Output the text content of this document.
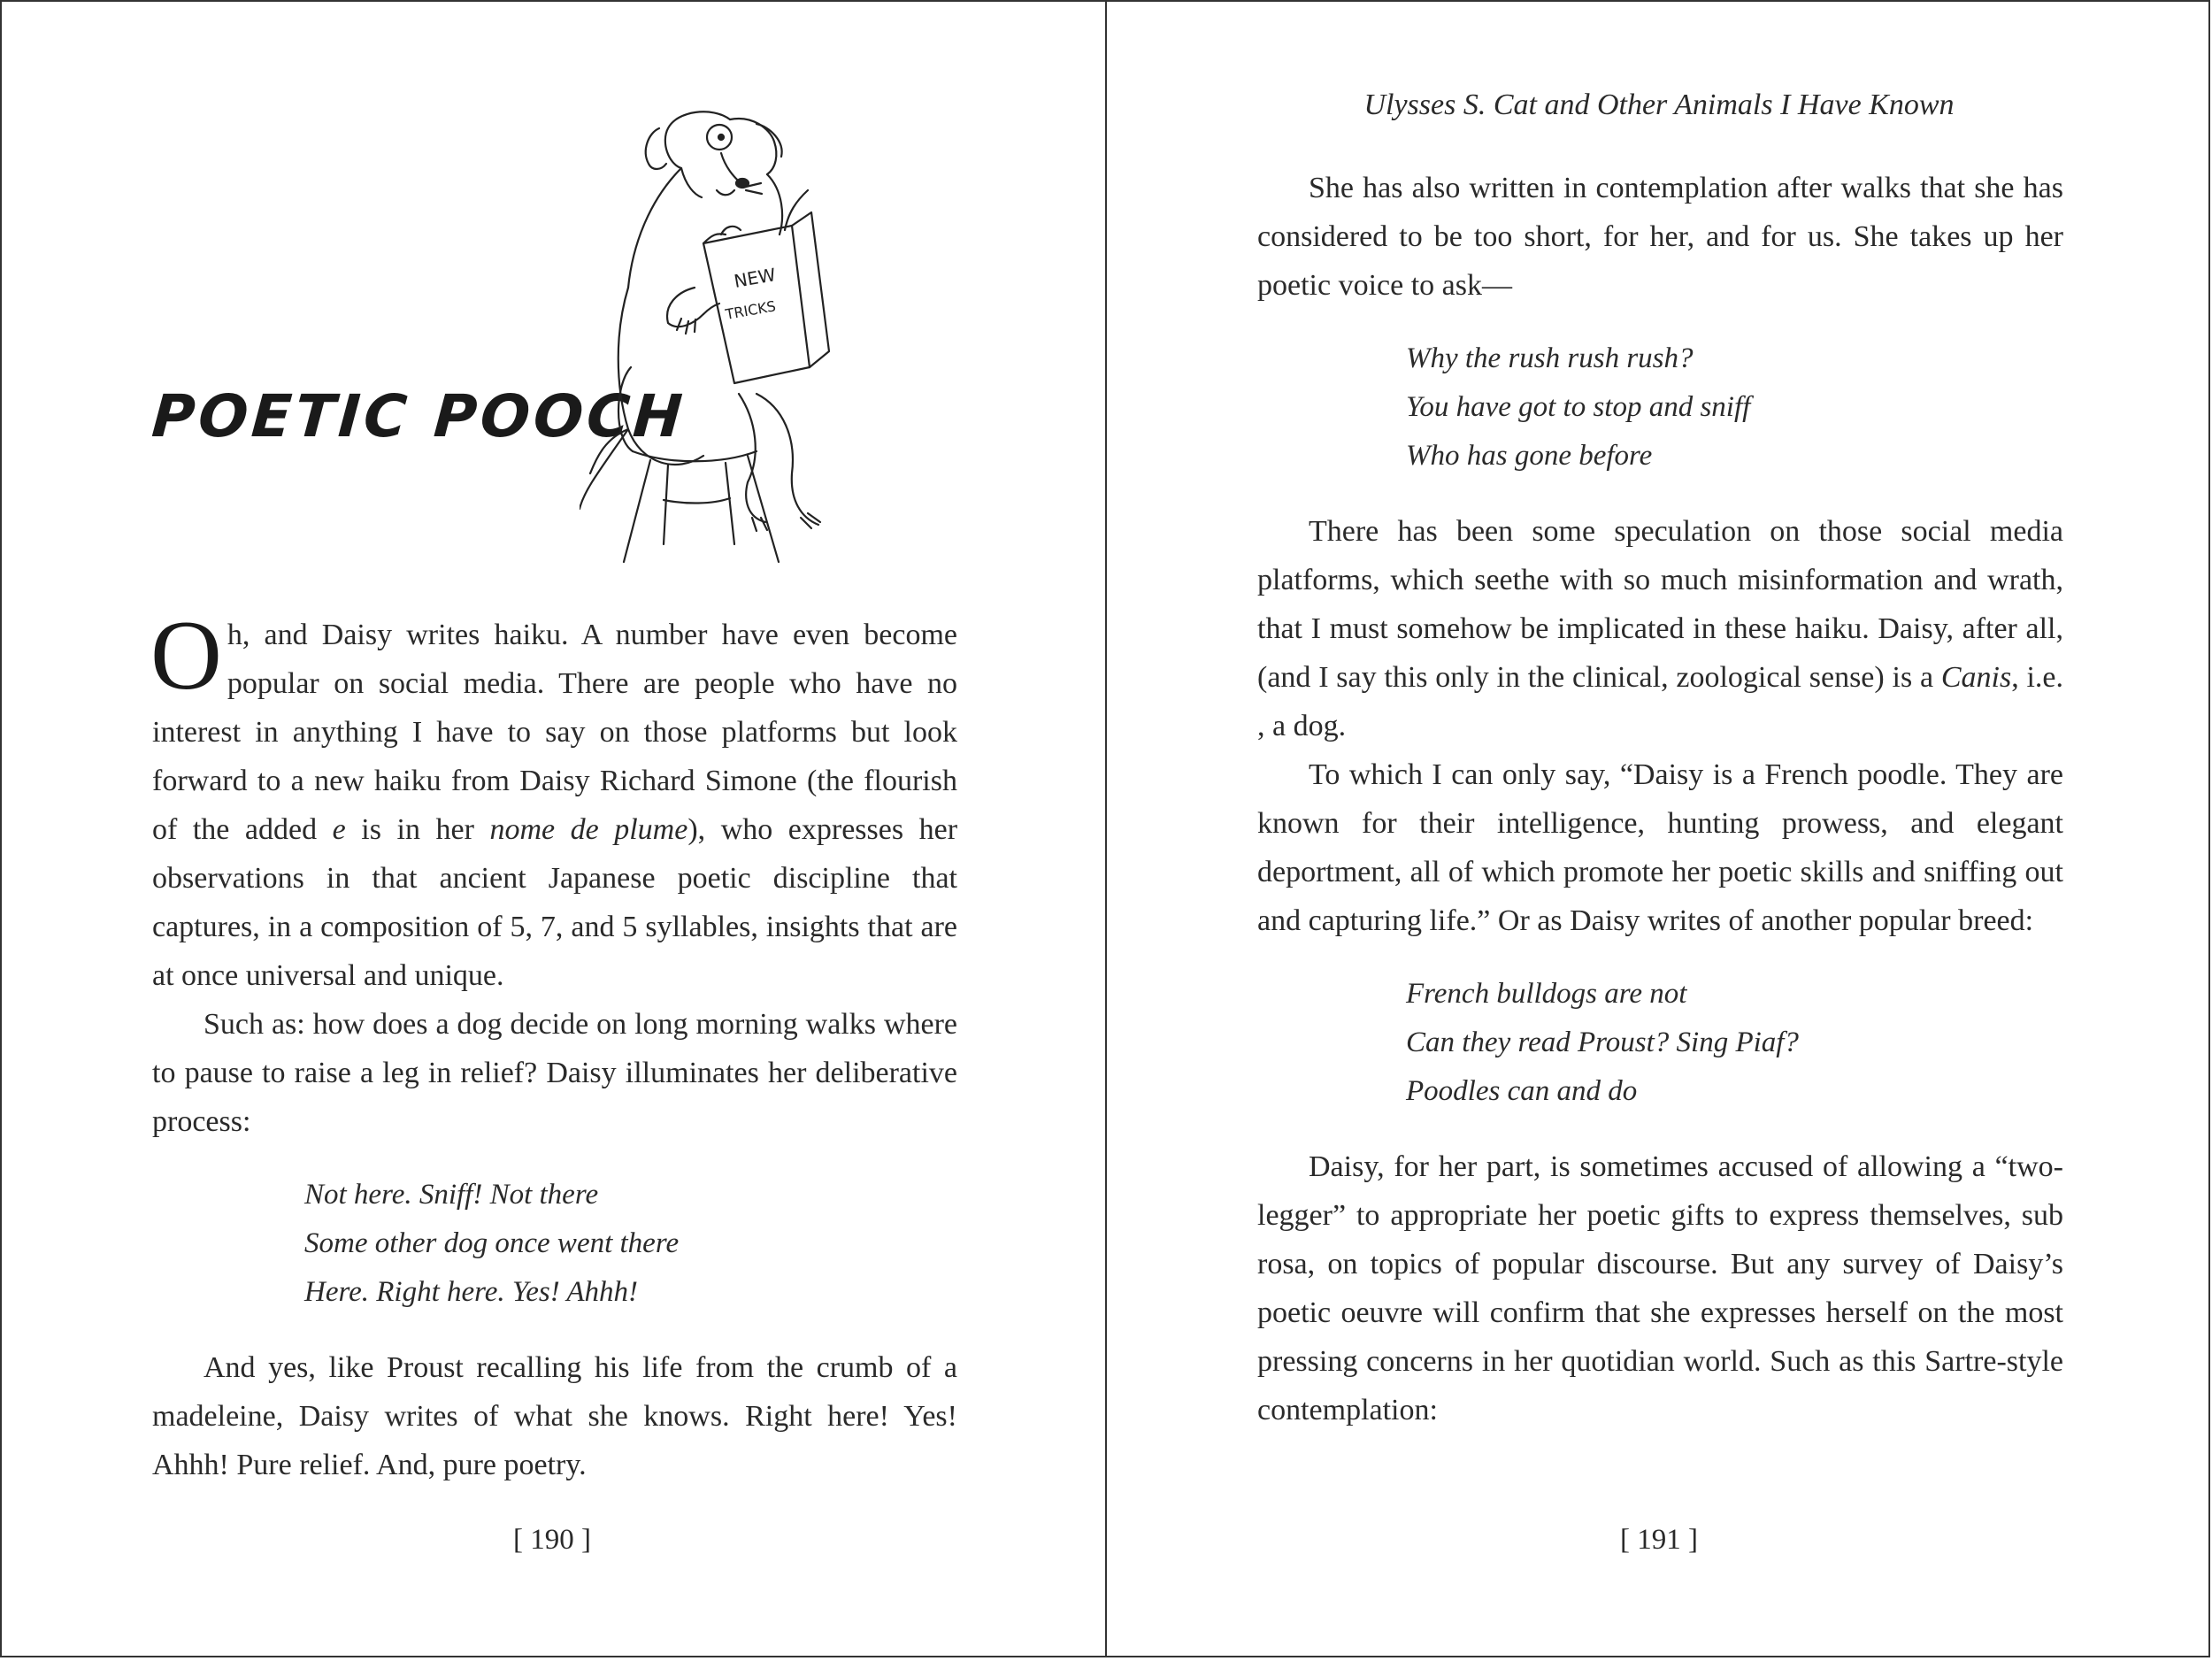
POETIC POOCH
NEW
TRICKS

Oh, and Daisy writes haiku. A number have even become popular on social media. There are people who have no interest in anything I have to say on those platforms but look forward to a new haiku from Daisy Richard Simone (the flourish of the added e is in her nome de plume), who expresses her observations in that ancient Japanese poetic discipline that captures, in a composition of 5, 7, and 5 syllables, insights that are at once universal and unique.

Such as: how does a dog decide on long morning walks where to pause to raise a leg in relief? Daisy illuminates her deliberative process:

Not here. Sniff! Not there
Some other dog once went there
Here. Right here. Yes! Ahhh!

And yes, like Proust recalling his life from the crumb of a madeleine, Daisy writes of what she knows. Right here! Yes! Ahhh! Pure relief. And, pure poetry.

[ 190 ]
Ulysses S. Cat and Other Animals I Have Known

She has also written in contemplation after walks that she has considered to be too short, for her, and for us. She takes up her poetic voice to ask—

Why the rush rush rush?
You have got to stop and sniff
Who has gone before

There has been some speculation on those social media platforms, which seethe with so much misinformation and wrath, that I must somehow be implicated in these haiku. Daisy, after all, (and I say this only in the clinical, zoological sense) is a Canis, i.e. , a dog.

To which I can only say, “Daisy is a French poodle. They are known for their intelligence, hunting prowess, and elegant deportment, all of which promote her poetic skills and sniffing out and capturing life.” Or as Daisy writes of another popular breed:

French bulldogs are not
Can they read Proust? Sing Piaf?
Poodles can and do

Daisy, for her part, is sometimes accused of allowing a “two-legger” to appropriate her poetic gifts to express themselves, sub rosa, on topics of popular discourse. But any survey of Daisy’s poetic oeuvre will confirm that she expresses herself on the most pressing concerns in her quotidian world. Such as this Sartre-style contemplation:

[ 191 ]
